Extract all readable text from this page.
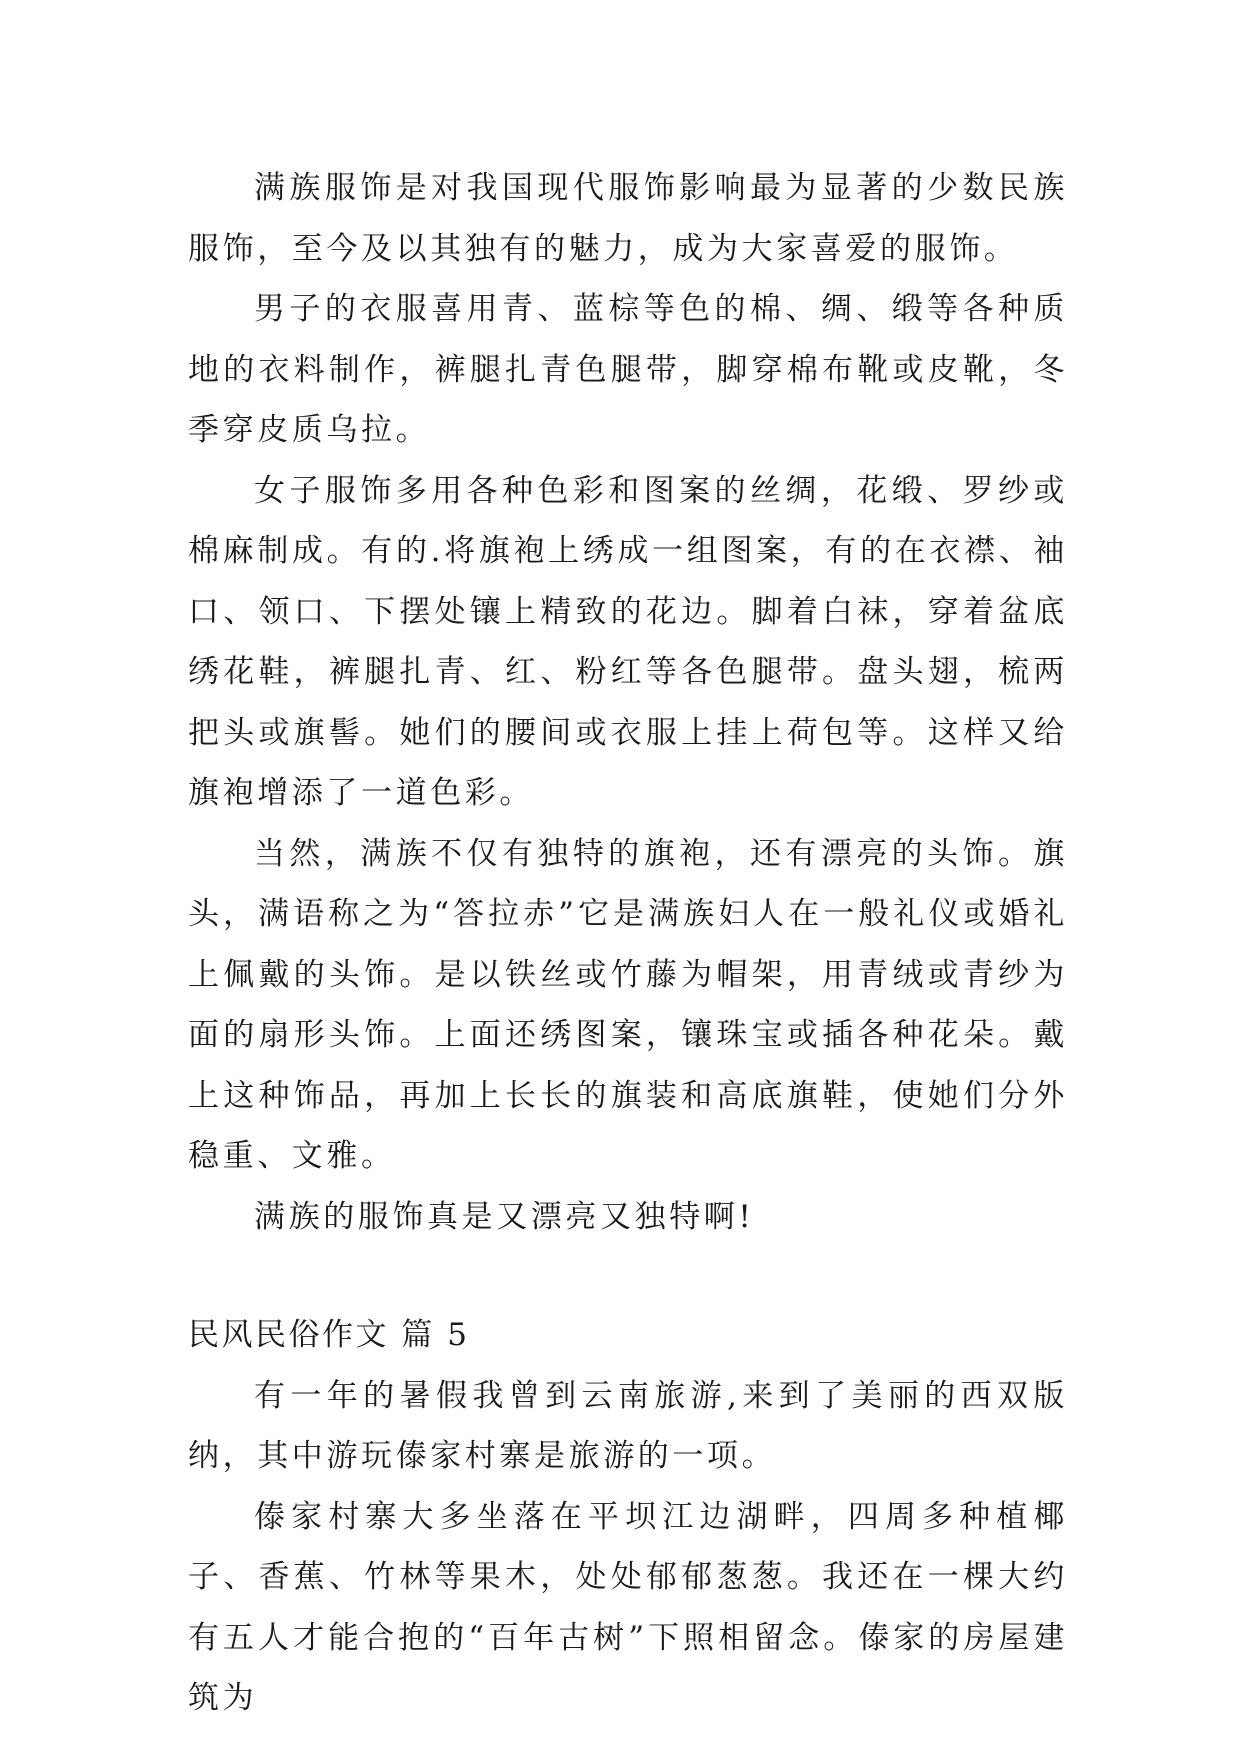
满族服饰是对我国现代服饰影响最为显著的少数民族服饰，至今及以其独有的魅力，成为大家喜爱的服饰。

男子的衣服喜用青、蓝棕等色的棉、绸、缎等各种质地的衣料制作，裤腿扎青色腿带，脚穿棉布靴或皮靴，冬季穿皮质乌拉。

女子服饰多用各种色彩和图案的丝绸，花缎、罗纱或棉麻制成。有的.将旗袍上绣成一组图案，有的在衣襟、袖口、领口、下摆处镶上精致的花边。脚着白袜，穿着盆底绣花鞋，裤腿扎青、红、粉红等各色腿带。盘头翅，梳两把头或旗髻。她们的腰间或衣服上挂上荷包等。这样又给旗袍增添了一道色彩。

当然，满族不仅有独特的旗袍，还有漂亮的头饰。旗头，满语称之为“答拉赤”它是满族妇人在一般礼仪或婚礼上佩戴的头饰。是以铁丝或竹藤为帽架，用青绒或青纱为面的扇形头饰。上面还绣图案，镶珠宝或插各种花朵。戴上这种饰品，再加上长长的旗装和高底旗鞋，使她们分外稳重、文雅。

满族的服饰真是又漂亮又独特啊!

民风民俗作文 篇 5

有一年的暑假我曾到云南旅游,来到了美丽的西双版纳，其中游玩傣家村寨是旅游的一项。

傣家村寨大多坐落在平坝江边湖畔，四周多种植椰子、香蕉、竹林等果木，处处郁郁葱葱。我还在一棵大约有五人才能合抱的“百年古树”下照相留念。傣家的房屋建筑为
